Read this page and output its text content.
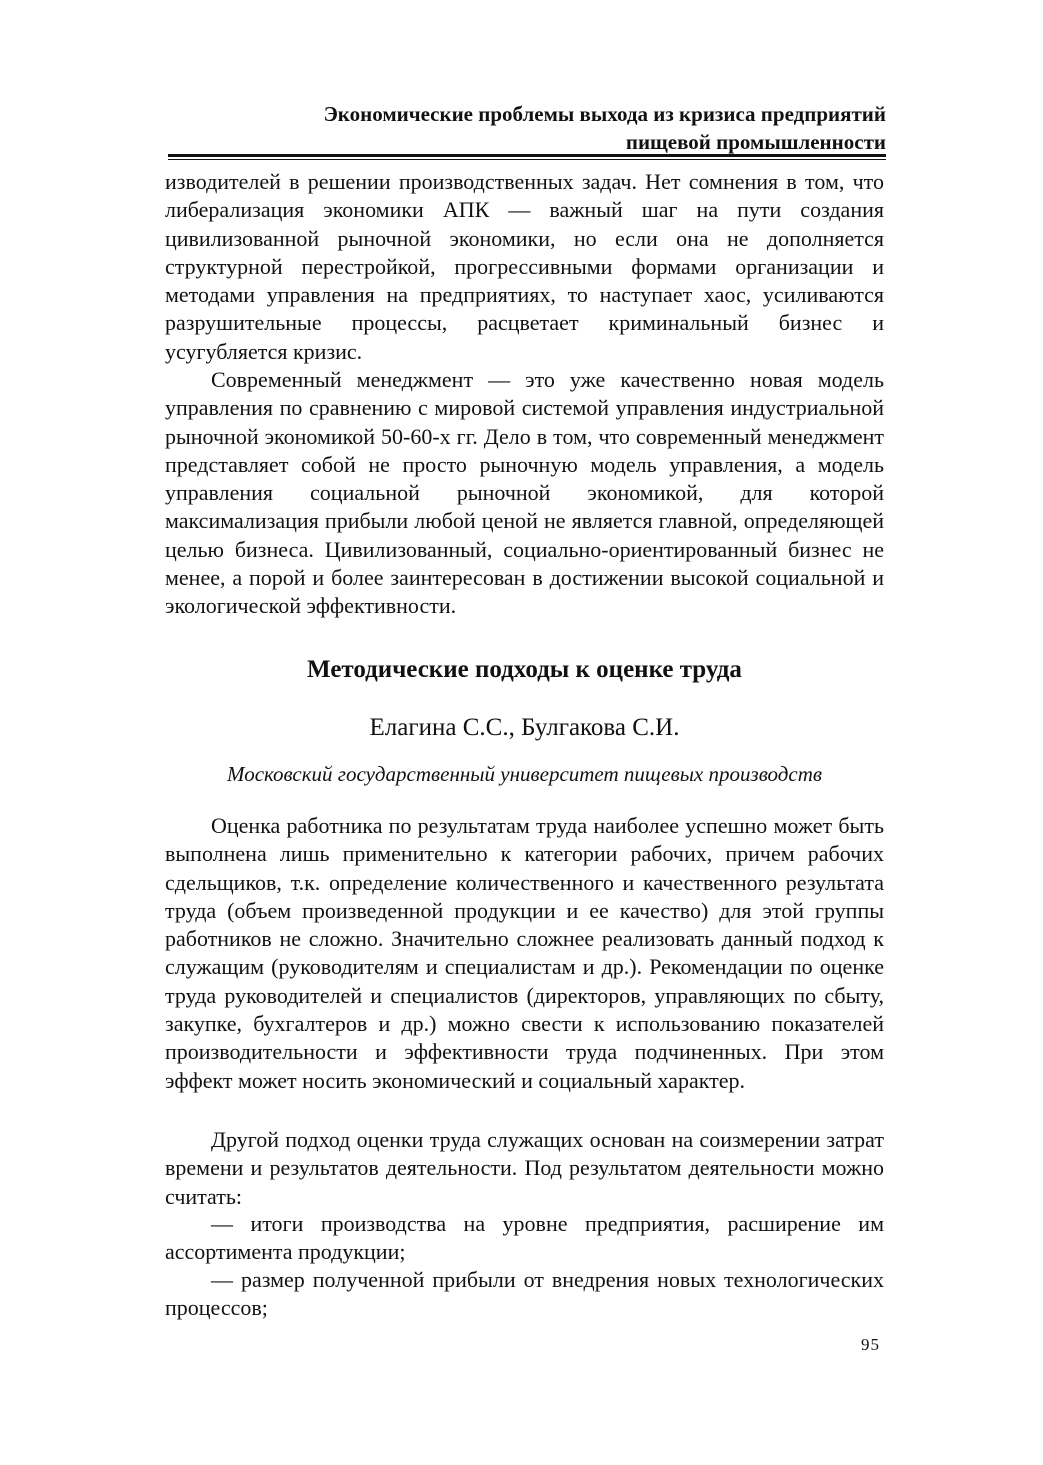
Экономические проблемы выхода из кризиса предприятий
пищевой промышленности

изводителей в решении производственных задач. Нет сомнения в том, что либерализация экономики АПК — важный шаг на пути создания цивилизованной рыночной экономики, но если она не дополняется структурной перестройкой, прогрессивными формами организации и методами управления на предприятиях, то наступает хаос, усиливаются разрушительные процессы, расцветает криминальный бизнес и усугубляется кризис.

Современный менеджмент — это уже качественно новая модель управления по сравнению с мировой системой управления индустриальной рыночной экономикой 50-60-х гг. Дело в том, что современный менеджмент представляет собой не просто рыночную модель управления, а модель управления социальной рыночной экономикой, для которой максимализация прибыли любой ценой не является главной, определяющей целью бизнеса. Цивилизованный, социально-ориентированный бизнес не менее, а порой и более заинтересован в достижении высокой социальной и экологической эффективности.

Методические подходы к оценке труда
Елагина С.С., Булгакова С.И.
Московский государственный университет пищевых производств

Оценка работника по результатам труда наиболее успешно может быть выполнена лишь применительно к категории рабочих, причем рабочих сдельщиков, т.к. определение количественного и качественного результата труда (объем произведенной продукции и ее качество) для этой группы работников не сложно. Значительно сложнее реализовать данный подход к служащим (руководителям и специалистам и др.). Рекомендации по оценке труда руководителей и специалистов (директоров, управляющих по сбыту, закупке, бухгалтеров и др.) можно свести к использованию показателей производительности и эффективности труда подчиненных. При этом эффект может носить экономический и социальный характер.

Другой подход оценки труда служащих основан на соизмерении затрат времени и результатов деятельности. Под результатом деятельности можно считать:

— итоги производства на уровне предприятия, расширение им ассортимента продукции;

— размер полученной прибыли от внедрения новых технологических процессов;

95
